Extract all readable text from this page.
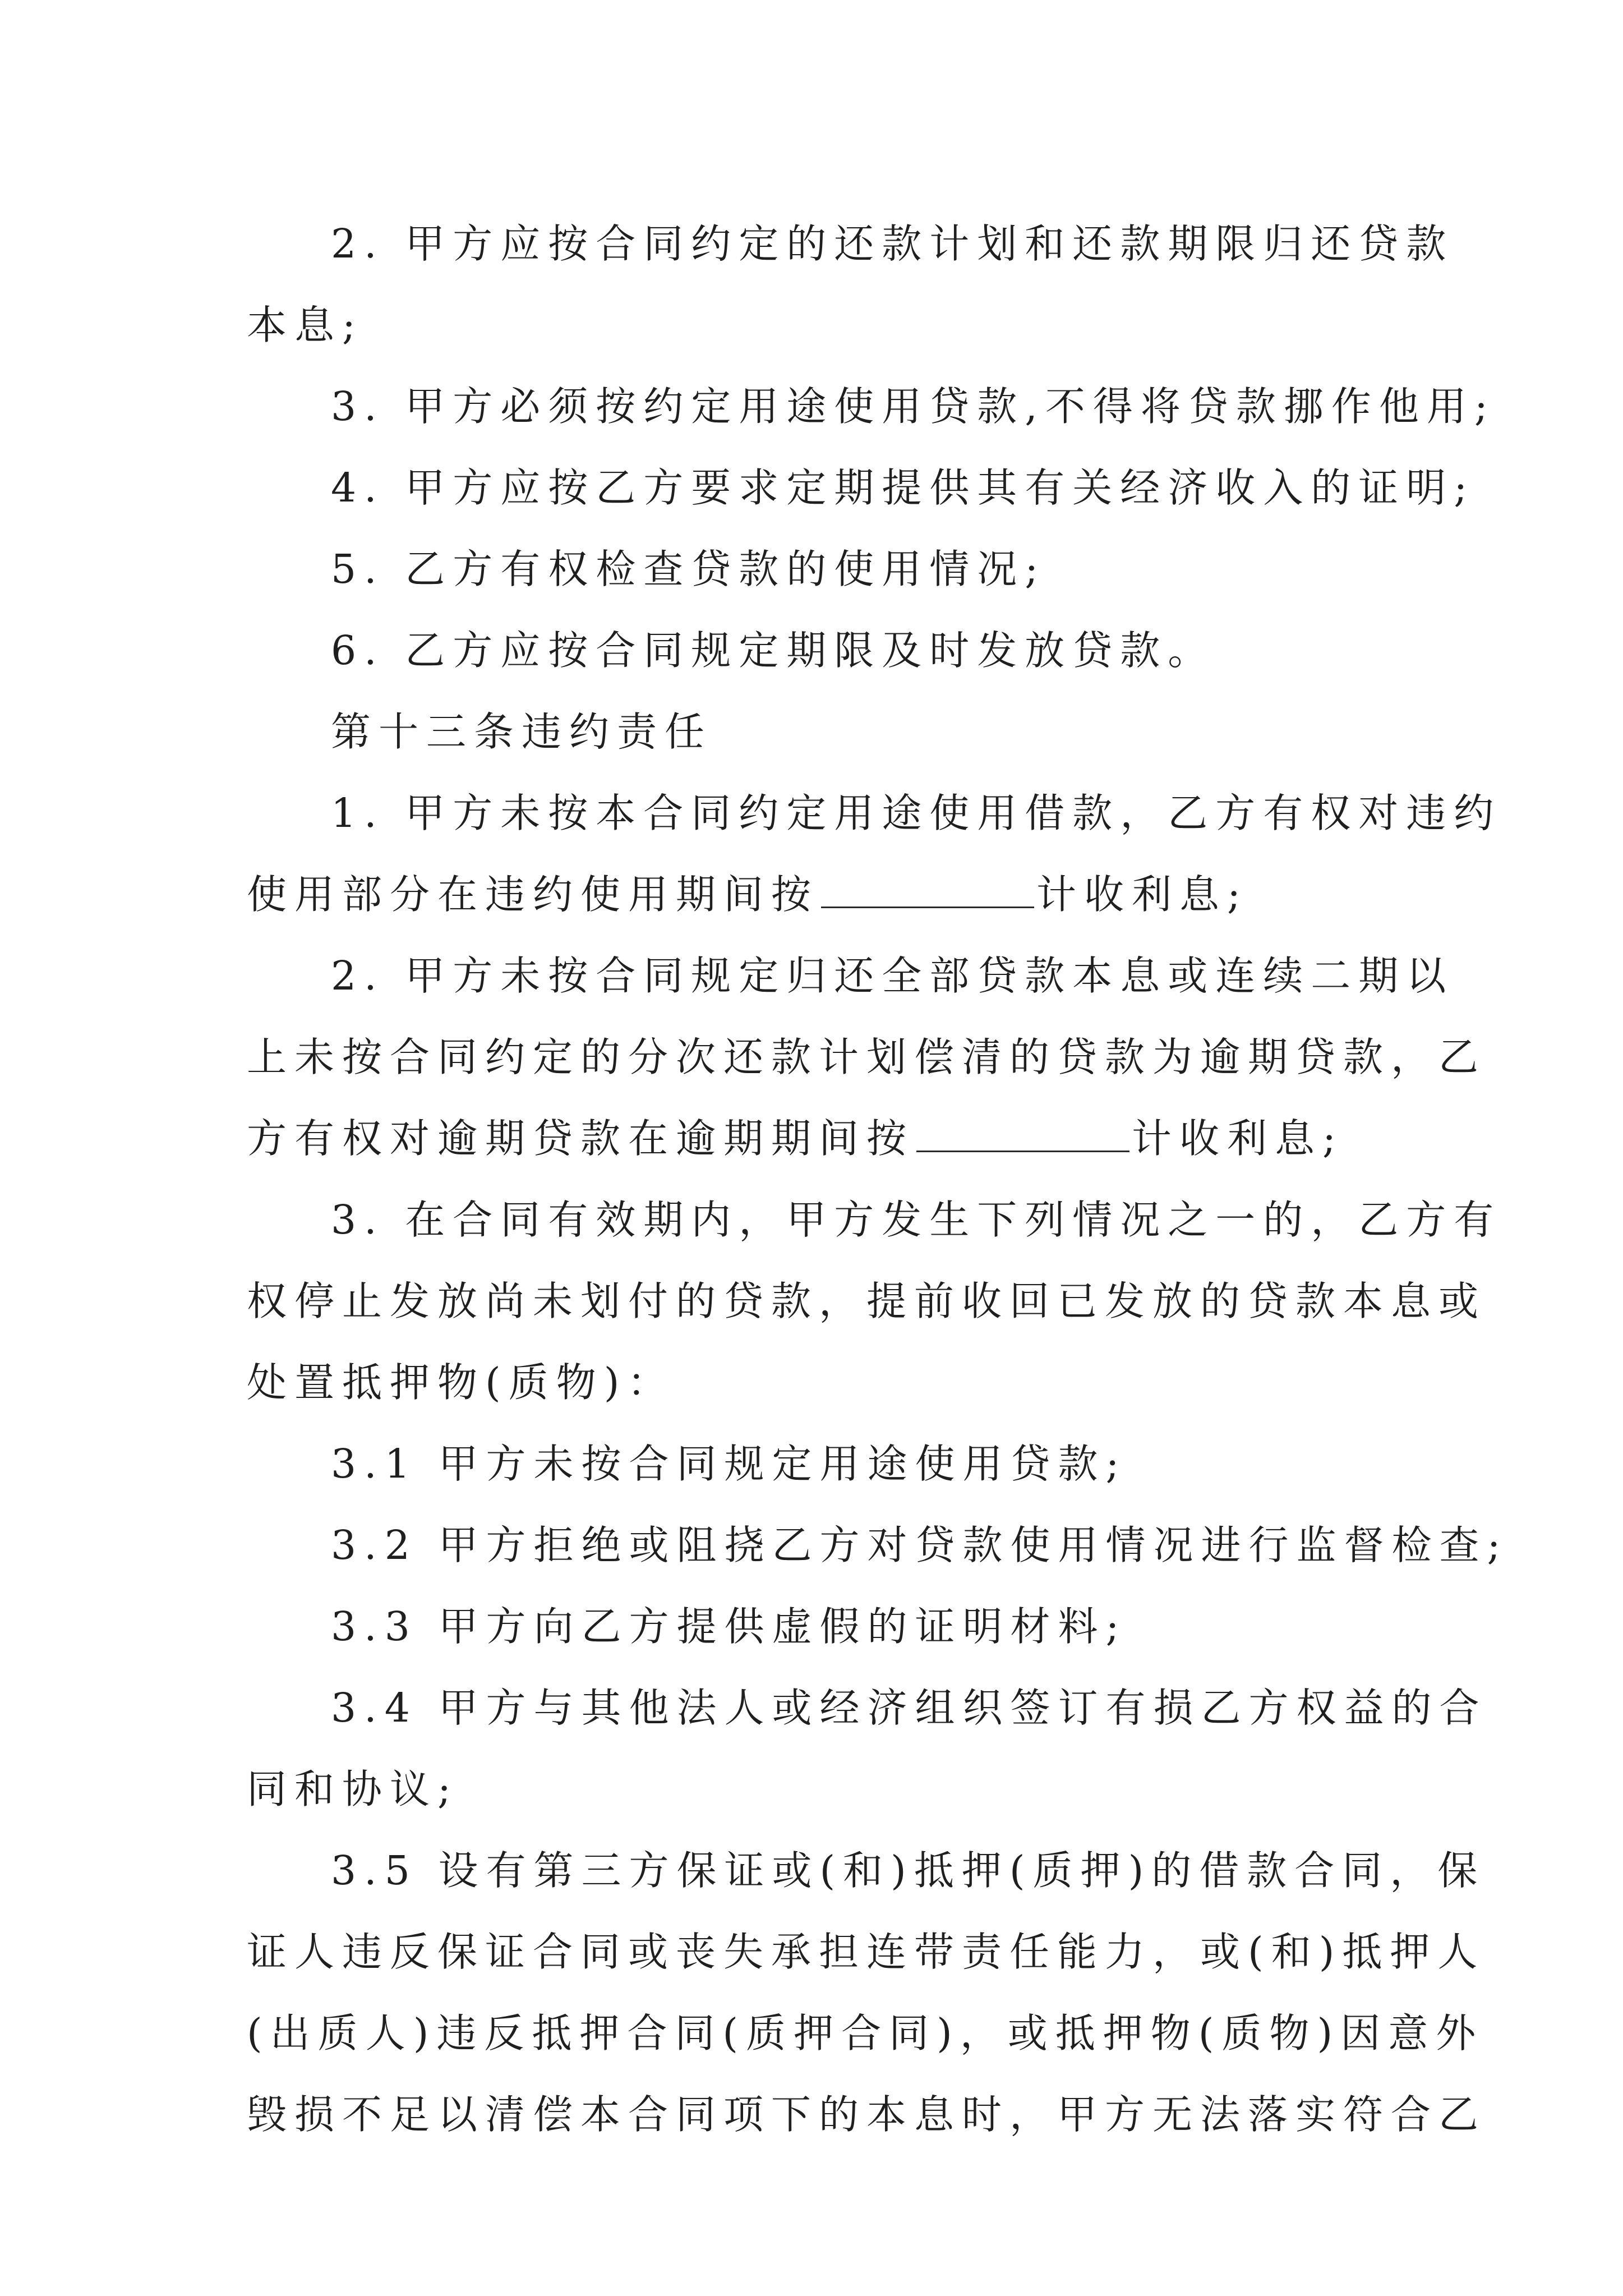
2. 甲方应按合同约定的还款计划和还款期限归还贷款
本息;
3. 甲方必须按约定用途使用贷款,不得将贷款挪作他用;
4. 甲方应按乙方要求定期提供其有关经济收入的证明;
5. 乙方有权检查贷款的使用情况;
6. 乙方应按合同规定期限及时发放贷款。
第十三条违约责任
1. 甲方未按本合同约定用途使用借款，乙方有权对违约
使用部分在违约使用期间按	计收利息;
2. 甲方未按合同规定归还全部贷款本息或连续二期以
上未按合同约定的分次还款计划偿清的贷款为逾期贷款，乙
方有权对逾期贷款在逾期期间按	计收利息;
3. 在合同有效期内，甲方发生下列情况之一的，乙方有
权停止发放尚未划付的贷款，提前收回已发放的贷款本息或
处置抵押物(质物)：
3.1 甲方未按合同规定用途使用贷款;
3.2 甲方拒绝或阻挠乙方对贷款使用情况进行监督检查;
3.3 甲方向乙方提供虚假的证明材料;
3.4 甲方与其他法人或经济组织签订有损乙方权益的合
同和协议;
3.5 设有第三方保证或(和)抵押(质押)的借款合同，保
证人违反保证合同或丧失承担连带责任能力，或(和)抵押人
(出质人)违反抵押合同(质押合同)，或抵押物(质物)因意外
毁损不足以清偿本合同项下的本息时，甲方无法落实符合乙
